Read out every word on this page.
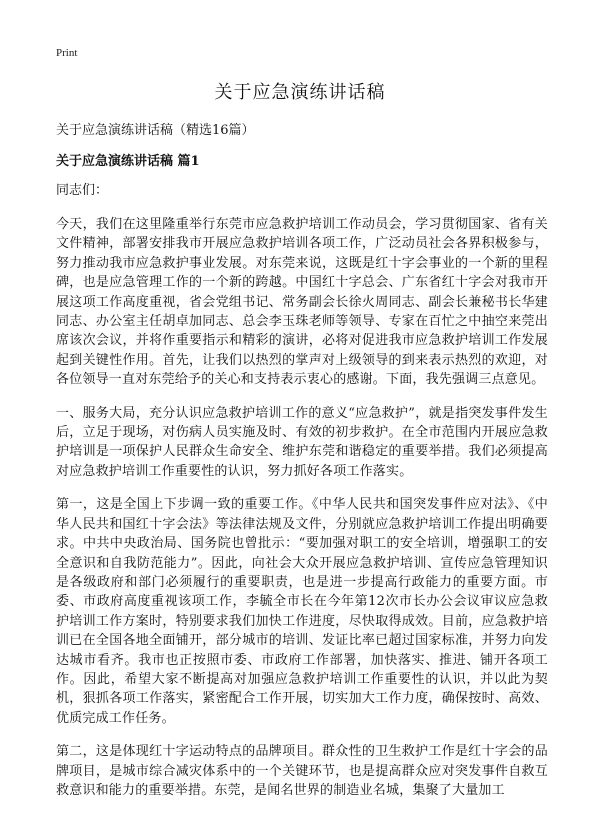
Print
关于应急演练讲话稿

关于应急演练讲话稿（精选16篇）

关于应急演练讲话稿 篇1

同志们：

今天，我们在这里隆重举行东莞市应急救护培训工作动员会，学习贯彻国家、省有关文件精神，部署安排我市开展应急救护培训各项工作，广泛动员社会各界积极参与，努力推动我市应急救护事业发展。对东莞来说，这既是红十字会事业的一个新的里程碑，也是应急管理工作的一个新的跨越。中国红十字总会、广东省红十字会对我市开展这项工作高度重视，省会党组书记、常务副会长徐火周同志、副会长兼秘书长华建同志、办公室主任胡卓加同志、总会李玉珠老师等领导、专家在百忙之中抽空来莞出席该次会议，并将作重要指示和精彩的演讲，必将对促进我市应急救护培训工作发展起到关键性作用。首先，让我们以热烈的掌声对上级领导的到来表示热烈的欢迎，对各位领导一直对东莞给予的关心和支持表示衷心的感谢。下面，我先强调三点意见。

一、服务大局，充分认识应急救护培训工作的意义“应急救护”，就是指突发事件发生后，立足于现场，对伤病人员实施及时、有效的初步救护。在全市范围内开展应急救护培训是一项保护人民群众生命安全、维护东莞和谐稳定的重要举措。我们必须提高对应急救护培训工作重要性的认识，努力抓好各项工作落实。

第一，这是全国上下步调一致的重要工作。《中华人民共和国突发事件应对法》、《中华人民共和国红十字会法》等法律法规及文件，分别就应急救护培训工作提出明确要求。中共中央政治局、国务院也曾批示：“要加强对职工的安全培训，增强职工的安全意识和自我防范能力”。因此，向社会大众开展应急救护培训、宣传应急管理知识是各级政府和部门必须履行的重要职责，也是进一步提高行政能力的重要方面。市委、市政府高度重视该项工作，李毓全市长在今年第12次市长办公会议审议应急救护培训工作方案时，特别要求我们加快工作进度，尽快取得成效。目前，应急救护培训已在全国各地全面铺开，部分城市的培训、发证比率已超过国家标准，并努力向发达城市看齐。我市也正按照市委、市政府工作部署，加快落实、推进、铺开各项工作。因此，希望大家不断提高对加强应急救护培训工作重要性的认识，并以此为契机，狠抓各项工作落实，紧密配合工作开展，切实加大工作力度，确保按时、高效、优质完成工作任务。

第二，这是体现红十字运动特点的品牌项目。群众性的卫生救护工作是红十字会的品牌项目，是城市综合减灾体系中的一个关键环节，也是提高群众应对突发事件自救互救意识和能力的重要举措。东莞，是闻名世界的制造业名城，集聚了大量加工
